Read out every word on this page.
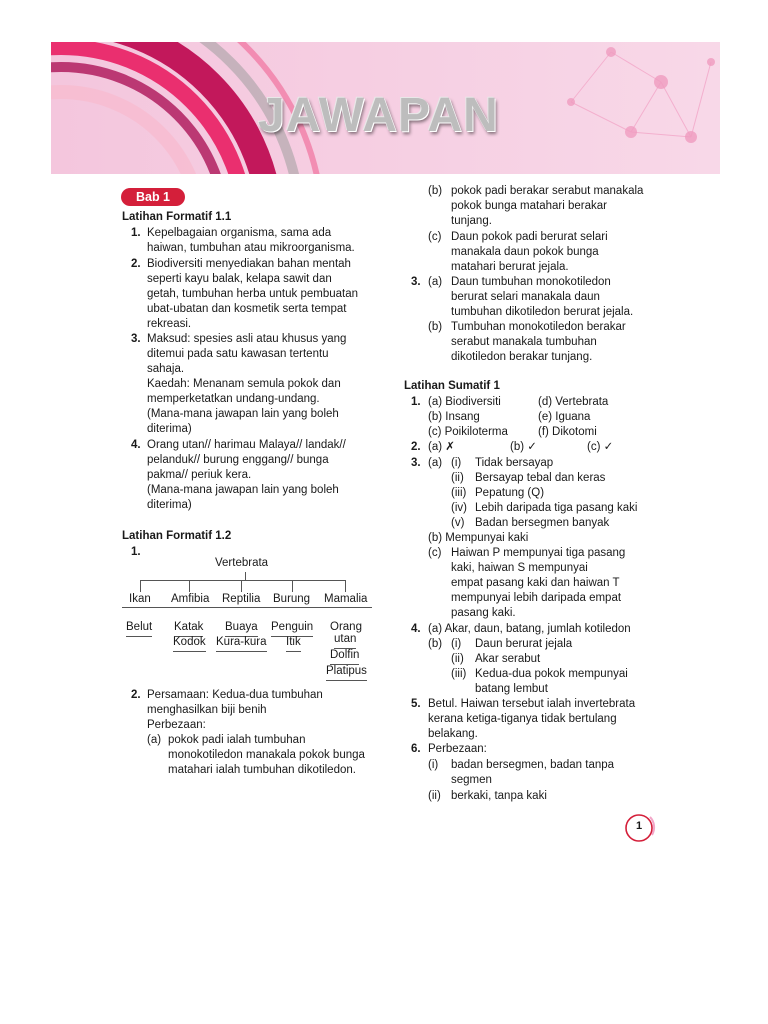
JAWAPAN
Bab 1
Latihan Formatif 1.1
1. Kepelbagaian organisma, sama ada
haiwan, tumbuhan atau mikroorganisma.
2. Biodiversiti menyediakan bahan mentah
seperti kayu balak, kelapa sawit dan
getah, tumbuhan herba untuk pembuatan
ubat-ubatan dan kosmetik serta tempat
rekreasi.
3. Maksud: spesies asli atau khusus yang
ditemui pada satu kawasan tertentu
sahaja.
Kaedah: Menanam semula pokok dan
memperketatkan undang-undang.
(Mana-mana jawapan lain yang boleh
diterima)
4. Orang utan// harimau Malaya// landak//
pelanduk// burung enggang// bunga
pakma// periuk kera.
(Mana-mana jawapan lain yang boleh
diterima)
Latihan Formatif 1.2
1.
Vertebrata
Ikan Amfibia Reptilia Burung Mamalia
Belut Katak
Kodok
Buaya
Kura-kura
Penguin
Itik
Orang
utan
Dolfin
Platipus
2. Persamaan: Kedua-dua tumbuhan
menghasilkan biji benih
Perbezaan:
(a) pokok padi ialah tumbuhan
monokotiledon manakala pokok bunga
matahari ialah tumbuhan dikotiledon.
(b) pokok padi berakar serabut manakala
pokok bunga matahari berakar
tunjang.
(c) Daun pokok padi berurat selari
manakala daun pokok bunga
matahari berurat jejala.
3. (a) Daun tumbuhan monokotiledon
berurat selari manakala daun
tumbuhan dikotiledon berurat jejala.
(b) Tumbuhan monokotiledon berakar
serabut manakala tumbuhan
dikotiledon berakar tunjang.
Latihan Sumatif 1
1. (a) Biodiversiti
(b) Insang
(c) Poikiloterma
(d) Vertebrata
(e) Iguana
(f) Dikotomi
2. (a) ✗	(b) ✓	(c) ✓
3. (a) (i) Tidak bersayap
(ii) Bersayap tebal dan keras
(iii) Pepatung (Q)
(iv) Lebih daripada tiga pasang kaki
(v) Badan bersegmen banyak
(b) Mempunyai kaki
(c) Haiwan P mempunyai tiga pasang
kaki, haiwan S mempunyai
empat pasang kaki dan haiwan T
mempunyai lebih daripada empat
pasang kaki.
4. (a) Akar, daun, batang, jumlah kotiledon
(b) (i) Daun berurat jejala
(ii) Akar serabut
(iii) Kedua-dua pokok mempunyai
batang lembut
5. Betul. Haiwan tersebut ialah invertebrata
kerana ketiga-tiganya tidak bertulang
belakang.
6. Perbezaan:
(i) badan bersegmen, badan tanpa
segmen
(ii) berkaki, tanpa kaki
1
